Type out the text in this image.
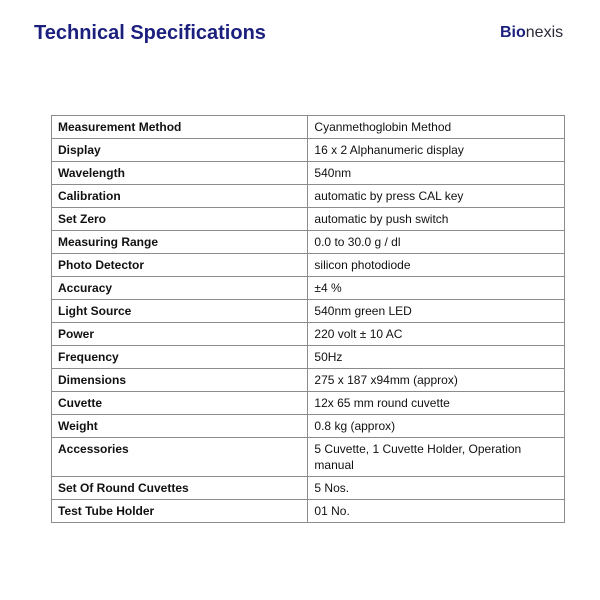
Technical Specifications	Bionexis
Measurement Method	Cyanmethoglobin Method
Display	16 x 2 Alphanumeric display
Wavelength	540nm
Calibration	automatic by press CAL key
Set Zero	automatic by push switch
Measuring Range	0.0 to 30.0 g / dl
Photo Detector	silicon photodiode
Accuracy	±4 %
Light Source	540nm green LED
Power	220 volt ± 10 AC
Frequency	50Hz
Dimensions	275 x 187 x94mm (approx)
Cuvette	12x 65 mm round cuvette
Weight	0.8 kg (approx)
Accessories	5 Cuvette, 1 Cuvette Holder, Operation manual
Set Of Round Cuvettes	5 Nos.
Test Tube Holder	01 No.
